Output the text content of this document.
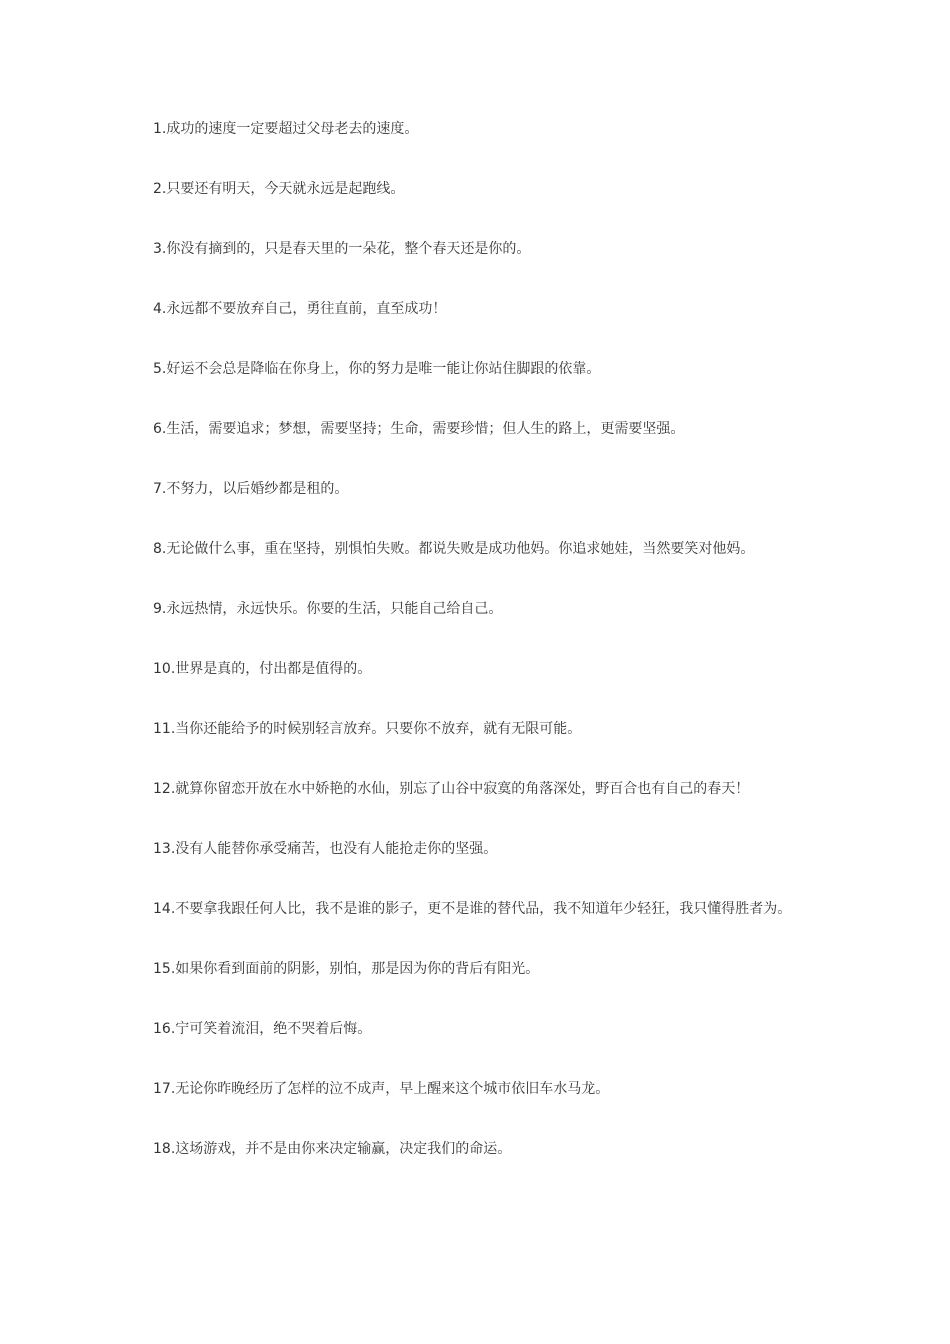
1.成功的速度一定要超过父母老去的速度。

2.只要还有明天，今天就永远是起跑线。

3.你没有摘到的，只是春天里的一朵花，整个春天还是你的。

4.永远都不要放弃自己，勇往直前，直至成功！

5.好运不会总是降临在你身上，你的努力是唯一能让你站住脚跟的依靠。

6.生活，需要追求；梦想，需要坚持；生命，需要珍惜；但人生的路上，更需要坚强。

7.不努力，以后婚纱都是租的。

8.无论做什么事，重在坚持，别惧怕失败。都说失败是成功他妈。你追求她娃，当然要笑对他妈。

9.永远热情，永远快乐。你要的生活，只能自己给自己。

10.世界是真的，付出都是值得的。

11.当你还能给予的时候别轻言放弃。只要你不放弃，就有无限可能。

12.就算你留恋开放在水中娇艳的水仙，别忘了山谷中寂寞的角落深处，野百合也有自己的春天！

13.没有人能替你承受痛苦，也没有人能抢走你的坚强。

14.不要拿我跟任何人比，我不是谁的影子，更不是谁的替代品，我不知道年少轻狂，我只懂得胜者为。

15.如果你看到面前的阴影，别怕，那是因为你的背后有阳光。

16.宁可笑着流泪，绝不哭着后悔。

17.无论你昨晚经历了怎样的泣不成声，早上醒来这个城市依旧车水马龙。

18.这场游戏，并不是由你来决定输赢，决定我们的命运。
